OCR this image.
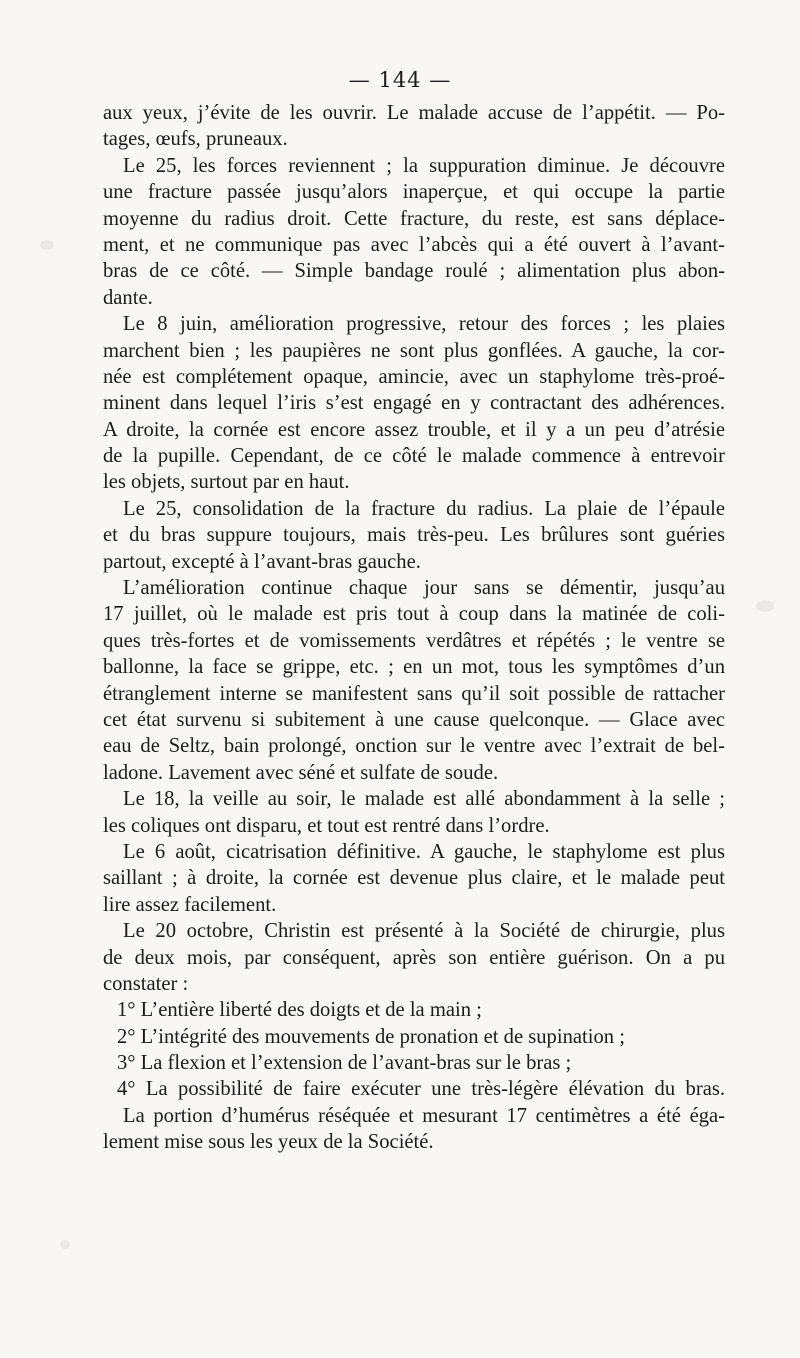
— 144 —
aux yeux, j’évite de les ouvrir. Le malade accuse de l’appétit. — Po-
tages, œufs, pruneaux.
Le 25, les forces reviennent ; la suppuration diminue. Je découvre
une fracture passée jusqu’alors inaperçue, et qui occupe la partie
moyenne du radius droit. Cette fracture, du reste, est sans déplace-
ment, et ne communique pas avec l’abcès qui a été ouvert à l’avant-
bras de ce côté. — Simple bandage roulé ; alimentation plus abon-
dante.
Le 8 juin, amélioration progressive, retour des forces ; les plaies
marchent bien ; les paupières ne sont plus gonflées. A gauche, la cor-
née est complétement opaque, amincie, avec un staphylome très-proé-
minent dans lequel l’iris s’est engagé en y contractant des adhérences.
A droite, la cornée est encore assez trouble, et il y a un peu d’atrésie
de la pupille. Cependant, de ce côté le malade commence à entrevoir
les objets, surtout par en haut.
Le 25, consolidation de la fracture du radius. La plaie de l’épaule
et du bras suppure toujours, mais très-peu. Les brûlures sont guéries
partout, excepté à l’avant-bras gauche.
L’amélioration continue chaque jour sans se démentir, jusqu’au
17 juillet, où le malade est pris tout à coup dans la matinée de coli-
ques très-fortes et de vomissements verdâtres et répétés ; le ventre se
ballonne, la face se grippe, etc. ; en un mot, tous les symptômes d’un
étranglement interne se manifestent sans qu’il soit possible de rattacher
cet état survenu si subitement à une cause quelconque. — Glace avec
eau de Seltz, bain prolongé, onction sur le ventre avec l’extrait de bel-
ladone. Lavement avec séné et sulfate de soude.
Le 18, la veille au soir, le malade est allé abondamment à la selle ;
les coliques ont disparu, et tout est rentré dans l’ordre.
Le 6 août, cicatrisation définitive. A gauche, le staphylome est plus
saillant ; à droite, la cornée est devenue plus claire, et le malade peut
lire assez facilement.
Le 20 octobre, Christin est présenté à la Société de chirurgie, plus
de deux mois, par conséquent, après son entière guérison. On a pu
constater :
1° L’entière liberté des doigts et de la main ;
2° L’intégrité des mouvements de pronation et de supination ;
3° La flexion et l’extension de l’avant-bras sur le bras ;
4° La possibilité de faire exécuter une très-légère élévation du bras.
La portion d’humérus réséquée et mesurant 17 centimètres a été éga-
lement mise sous les yeux de la Société.
